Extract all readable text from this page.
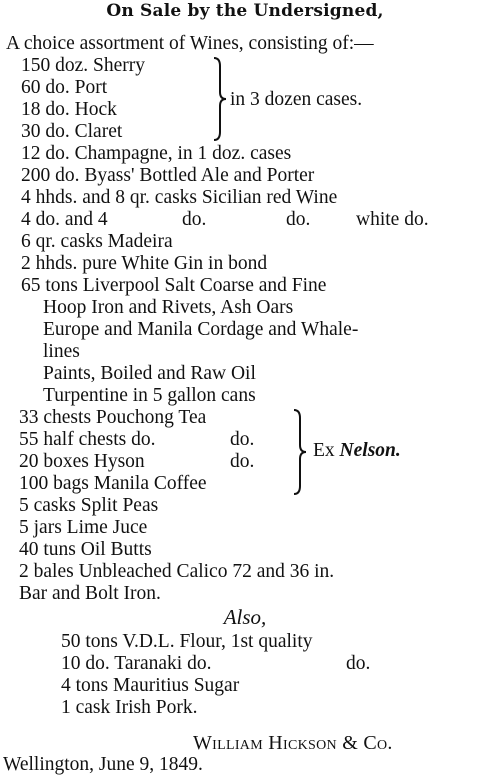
On Sale by the Undersigned,
A choice assortment of Wines, consisting of:—
150 doz. Sherry
60 do. Port
18 do. Hock
30 do. Claret
in 3 dozen cases.
12 do. Champagne, in 1 doz. cases
200 do. Byass' Bottled Ale and Porter
4 hhds. and 8 qr. casks Sicilian red Wine
4 do. and 4	do.	do. white do.
6 qr. casks Madeira
2 hhds. pure White Gin in bond
65 tons Liverpool Salt Coarse and Fine
Hoop Iron and Rivets, Ash Oars
Europe and Manila Cordage and Whale-
lines
Paints, Boiled and Raw Oil
Turpentine in 5 gallon cans
33 chests Pouchong Tea
55 half chests do.	do.
20 boxes Hyson	do.
100 bags Manila Coffee
Ex Nelson.
5 casks Split Peas
5 jars Lime Juce
40 tuns Oil Butts
2 bales Unbleached Calico 72 and 36 in.
Bar and Bolt Iron.
Also,
50 tons V.D.L. Flour, 1st quality
10 do. Taranaki do.	do.
4 tons Mauritius Sugar
1 cask Irish Pork.
William Hickson & Co.
Wellington, June 9, 1849.
